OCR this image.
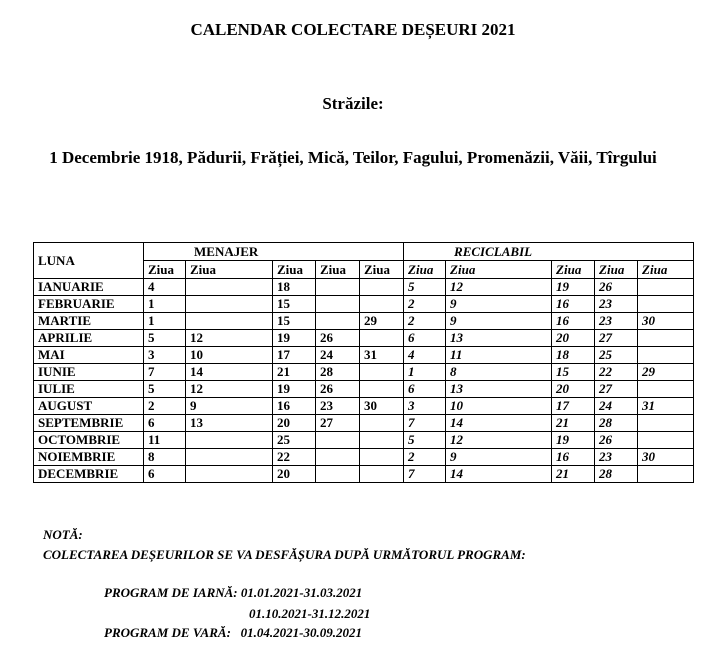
CALENDAR COLECTARE DEȘEURI 2021

Străzile:

1 Decembrie 1918, Pădurii, Frăției, Mică, Teilor, Fagului, Promenăzii, Văii, Tîrgului

LUNA	MENAJER					RECICLABIL				
	Ziua	Ziua	Ziua	Ziua	Ziua	Ziua	Ziua	Ziua	Ziua	Ziua
IANUARIE	4		18			5	12	19	26	
FEBRUARIE	1		15			2	9	16	23	
MARTIE	1		15		29	2	9	16	23	30
APRILIE	5	12	19	26		6	13	20	27	
MAI	3	10	17	24	31	4	11	18	25	
IUNIE	7	14	21	28		1	8	15	22	29
IULIE	5	12	19	26		6	13	20	27	
AUGUST	2	9	16	23	30	3	10	17	24	31
SEPTEMBRIE	6	13	20	27		7	14	21	28	
OCTOMBRIE	11		25			5	12	19	26	
NOIEMBRIE	8		22			2	9	16	23	30
DECEMBRIE	6		20			7	14	21	28	

NOTĂ:

COLECTAREA DEȘEURILOR SE VA DESFĂȘURA DUPĂ URMĂTORUL PROGRAM:

PROGRAM DE IARNĂ: 01.01.2021-31.03.2021

01.10.2021-31.12.2021

PROGRAM DE VARĂ: 01.04.2021-30.09.2021
